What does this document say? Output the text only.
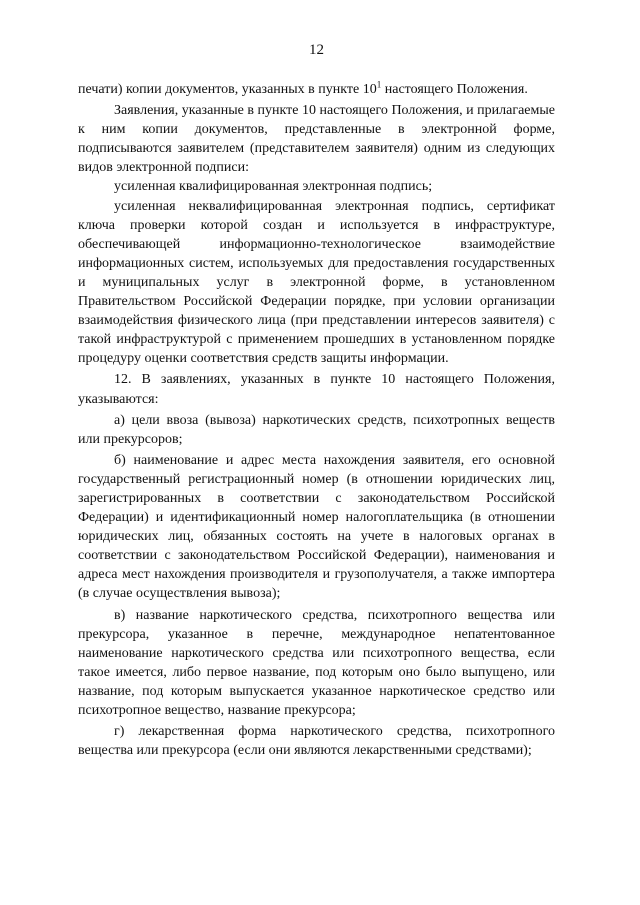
12

печати) копии документов, указанных в пункте $10^1$ настоящего Положения.

Заявления, указанные в пункте 10 настоящего Положения, и прилагаемые к ним копии документов, представленные в электронной форме, подписываются заявителем (представителем заявителя) одним из следующих видов электронной подписи:

усиленная квалифицированная электронная подпись;

усиленная неквалифицированная электронная подпись, сертификат ключа проверки которой создан и используется в инфраструктуре, обеспечивающей информационно-технологическое взаимодействие информационных систем, используемых для предоставления государственных и муниципальных услуг в электронной форме, в установленном Правительством Российской Федерации порядке, при условии организации взаимодействия физического лица (при представлении интересов заявителя) с такой инфраструктурой с применением прошедших в установленном порядке процедуру оценки соответствия средств защиты информации.

12. В заявлениях, указанных в пункте 10 настоящего Положения, указываются:

а) цели ввоза (вывоза) наркотических средств, психотропных веществ или прекурсоров;

б) наименование и адрес места нахождения заявителя, его основной государственный регистрационный номер (в отношении юридических лиц, зарегистрированных в соответствии с законодательством Российской Федерации) и идентификационный номер налогоплательщика (в отношении юридических лиц, обязанных состоять на учете в налоговых органах в соответствии с законодательством Российской Федерации), наименования и адреса мест нахождения производителя и грузополучателя, а также импортера (в случае осуществления вывоза);

в) название наркотического средства, психотропного вещества или прекурсора, указанное в перечне, международное непатентованное наименование наркотического средства или психотропного вещества, если такое имеется, либо первое название, под которым оно было выпущено, или название, под которым выпускается указанное наркотическое средство или психотропное вещество, название прекурсора;

г) лекарственная форма наркотического средства, психотропного вещества или прекурсора (если они являются лекарственными средствами);
